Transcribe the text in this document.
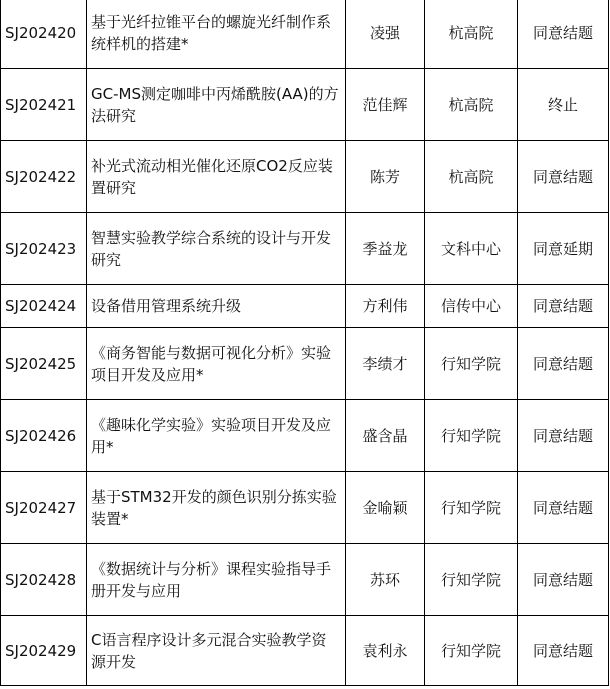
SJ202420	基于光纤拉锥平台的螺旋光纤制作系统样机的搭建*	凌强	杭高院	同意结题
SJ202421	GC-MS测定咖啡中丙烯酰胺(AA)的方法研究	范佳辉	杭高院	终止
SJ202422	补光式流动相光催化还原CO2反应装置研究	陈芳	杭高院	同意结题
SJ202423	智慧实验教学综合系统的设计与开发研究	季益龙	文科中心	同意延期
SJ202424	设备借用管理系统升级	方利伟	信传中心	同意结题
SJ202425	《商务智能与数据可视化分析》实验项目开发及应用*	李绩才	行知学院	同意结题
SJ202426	《趣味化学实验》实验项目开发及应用*	盛含晶	行知学院	同意结题
SJ202427	基于STM32开发的颜色识别分拣实验装置*	金喻颖	行知学院	同意结题
SJ202428	《数据统计与分析》课程实验指导手册开发与应用	苏环	行知学院	同意结题
SJ202429	C语言程序设计多元混合实验教学资源开发	袁利永	行知学院	同意结题
